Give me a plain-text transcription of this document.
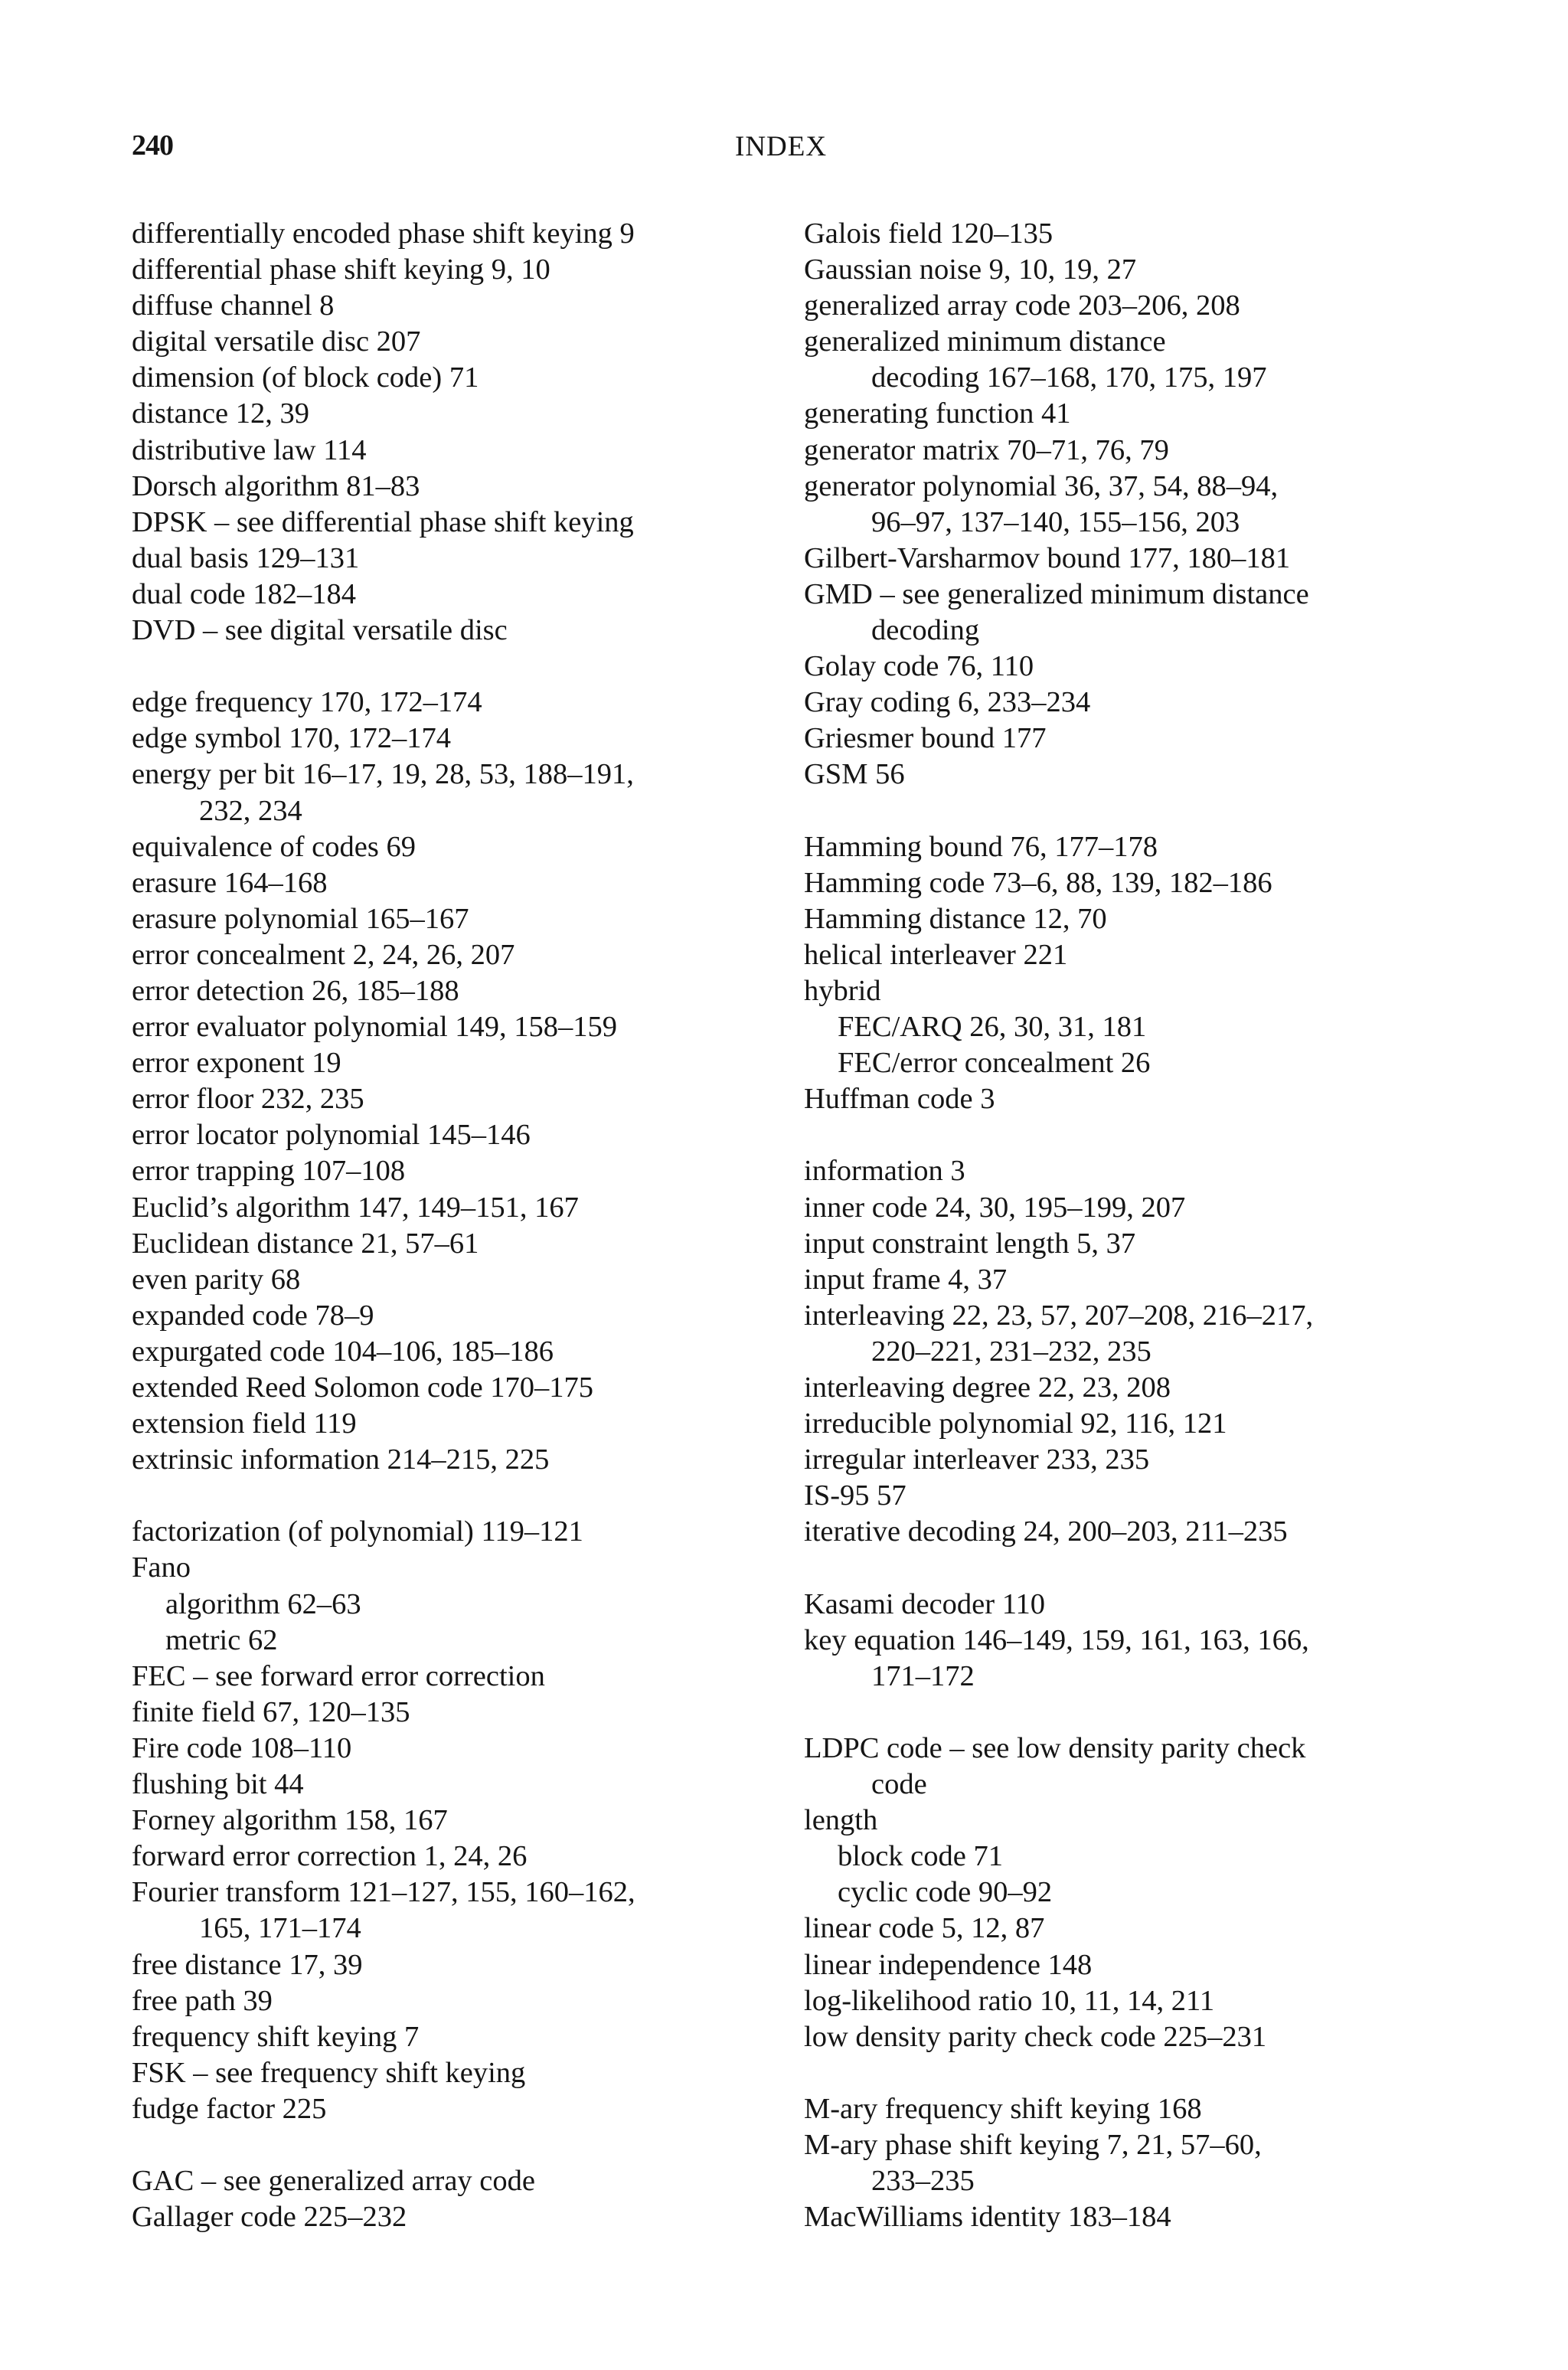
240	INDEX
differentially encoded phase shift keying 9
differential phase shift keying 9, 10
diffuse channel 8
digital versatile disc 207
dimension (of block code) 71
distance 12, 39
distributive law 114
Dorsch algorithm 81–83
DPSK – see differential phase shift keying
dual basis 129–131
dual code 182–184
DVD – see digital versatile disc
edge frequency 170, 172–174
edge symbol 170, 172–174
energy per bit 16–17, 19, 28, 53, 188–191,
232, 234
equivalence of codes 69
erasure 164–168
erasure polynomial 165–167
error concealment 2, 24, 26, 207
error detection 26, 185–188
error evaluator polynomial 149, 158–159
error exponent 19
error floor 232, 235
error locator polynomial 145–146
error trapping 107–108
Euclid’s algorithm 147, 149–151, 167
Euclidean distance 21, 57–61
even parity 68
expanded code 78–9
expurgated code 104–106, 185–186
extended Reed Solomon code 170–175
extension field 119
extrinsic information 214–215, 225
factorization (of polynomial) 119–121
Fano
algorithm 62–63
metric 62
FEC – see forward error correction
finite field 67, 120–135
Fire code 108–110
flushing bit 44
Forney algorithm 158, 167
forward error correction 1, 24, 26
Fourier transform 121–127, 155, 160–162,
165, 171–174
free distance 17, 39
free path 39
frequency shift keying 7
FSK – see frequency shift keying
fudge factor 225
GAC – see generalized array code
Gallager code 225–232
Galois field 120–135
Gaussian noise 9, 10, 19, 27
generalized array code 203–206, 208
generalized minimum distance
decoding 167–168, 170, 175, 197
generating function 41
generator matrix 70–71, 76, 79
generator polynomial 36, 37, 54, 88–94,
96–97, 137–140, 155–156, 203
Gilbert-Varsharmov bound 177, 180–181
GMD – see generalized minimum distance
decoding
Golay code 76, 110
Gray coding 6, 233–234
Griesmer bound 177
GSM 56
Hamming bound 76, 177–178
Hamming code 73–6, 88, 139, 182–186
Hamming distance 12, 70
helical interleaver 221
hybrid
FEC/ARQ 26, 30, 31, 181
FEC/error concealment 26
Huffman code 3
information 3
inner code 24, 30, 195–199, 207
input constraint length 5, 37
input frame 4, 37
interleaving 22, 23, 57, 207–208, 216–217,
220–221, 231–232, 235
interleaving degree 22, 23, 208
irreducible polynomial 92, 116, 121
irregular interleaver 233, 235
IS-95 57
iterative decoding 24, 200–203, 211–235
Kasami decoder 110
key equation 146–149, 159, 161, 163, 166,
171–172
LDPC code – see low density parity check
code
length
block code 71
cyclic code 90–92
linear code 5, 12, 87
linear independence 148
log-likelihood ratio 10, 11, 14, 211
low density parity check code 225–231
M-ary frequency shift keying 168
M-ary phase shift keying 7, 21, 57–60,
233–235
MacWilliams identity 183–184
